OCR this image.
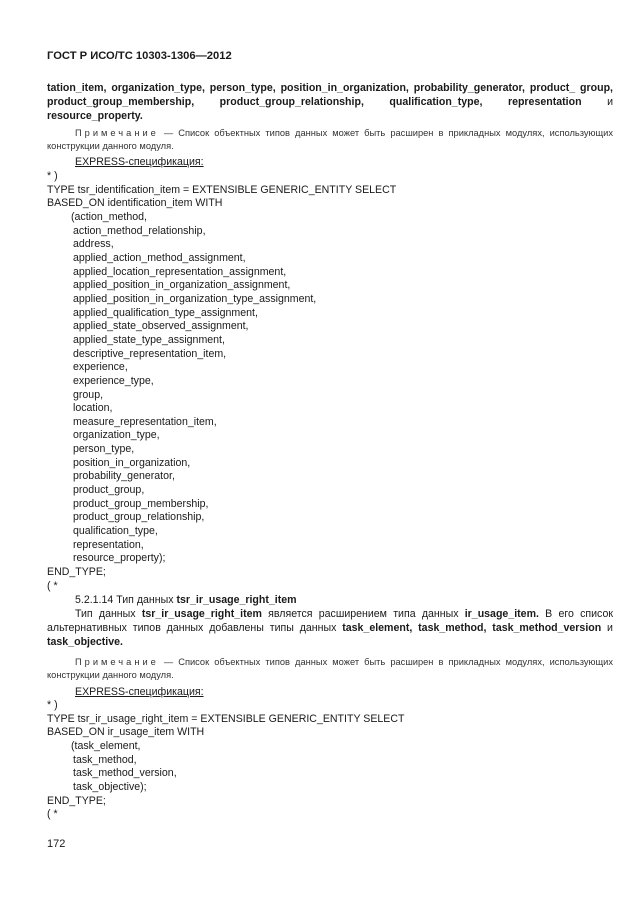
ГОСТ Р ИСО/ТС 10303-1306—2012
tation_item, organization_type, person_type, position_in_organization, probability_generator, product_ group, product_group_membership, product_group_relationship, qualification_type, representation и resource_property.
Примечание — Список объектных типов данных может быть расширен в прикладных модулях, использующих конструкции данного модуля.
EXPRESS-спецификация:
* )
TYPE tsr_identification_item = EXTENSIBLE GENERIC_ENTITY SELECT
BASED_ON identification_item WITH
(action_method,
action_method_relationship,
address,
applied_action_method_assignment,
applied_location_representation_assignment,
applied_position_in_organization_assignment,
applied_position_in_organization_type_assignment,
applied_qualification_type_assignment,
applied_state_observed_assignment,
applied_state_type_assignment,
descriptive_representation_item,
experience,
experience_type,
group,
location,
measure_representation_item,
organization_type,
person_type,
position_in_organization,
probability_generator,
product_group,
product_group_membership,
product_group_relationship,
qualification_type,
representation,
resource_property);
END_TYPE;
( *
5.2.1.14 Тип данных tsr_ir_usage_right_item
Тип данных tsr_ir_usage_right_item является расширением типа данных ir_usage_item. В его список альтернативных типов данных добавлены типы данных task_element, task_method, task_method_version и task_objective.
Примечание — Список объектных типов данных может быть расширен в прикладных модулях, использующих конструкции данного модуля.
EXPRESS-спецификация:
* )
TYPE tsr_ir_usage_right_item = EXTENSIBLE GENERIC_ENTITY SELECT
BASED_ON ir_usage_item WITH
(task_element,
task_method,
task_method_version,
task_objective);
END_TYPE;
( *
172
